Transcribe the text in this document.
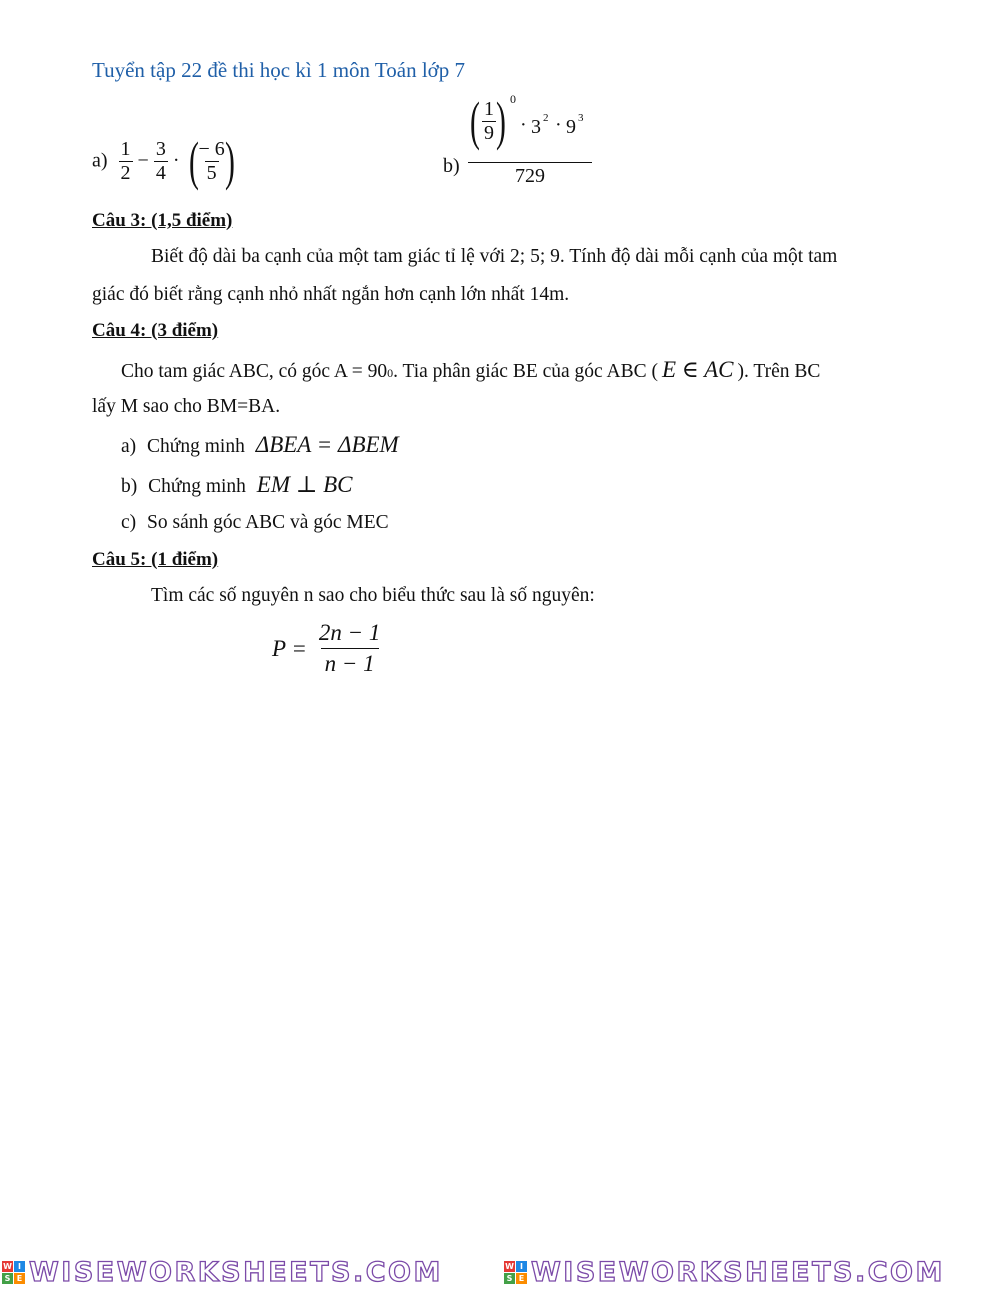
Tuyển tập 22 đề thi học kì 1 môn Toán lớp 7
$a) \frac{1}{2} - \frac{3}{4}$ · (
$\frac{- 6}{5}$
)	b)
( $\frac{1}{9}$ ) 0
· 3 2 · 9 3
729
Câu 3: (1,5 điểm)
Biết độ dài ba cạnh của một tam giác tỉ lệ với 2; 5; 9. Tính độ dài mỗi cạnh của một tam
giác đó biết rằng cạnh nhỏ nhất ngắn hơn cạnh lớn nhất 14m.
Câu 4: (3 điểm)
Cho tam giác ABC, có góc A = 90 0 . Tia phân giác BE của góc ABC ( E ∈ AC ). Trên BC
lấy M sao cho BM=BA.
a) Chứng minh ΔBEA = ΔBEM
b) Chứng minh EM ⊥ BC
c) So sánh góc ABC và góc MEC
Câu 5: (1 điểm)
Tìm các số nguyên n sao cho biểu thức sau là số nguyên:
$P = \frac{2n - 1}{n - 1}$
W I
S E WISEWORKSHEETS.COM	W I
S E WISEWORKSHEETS.COM
